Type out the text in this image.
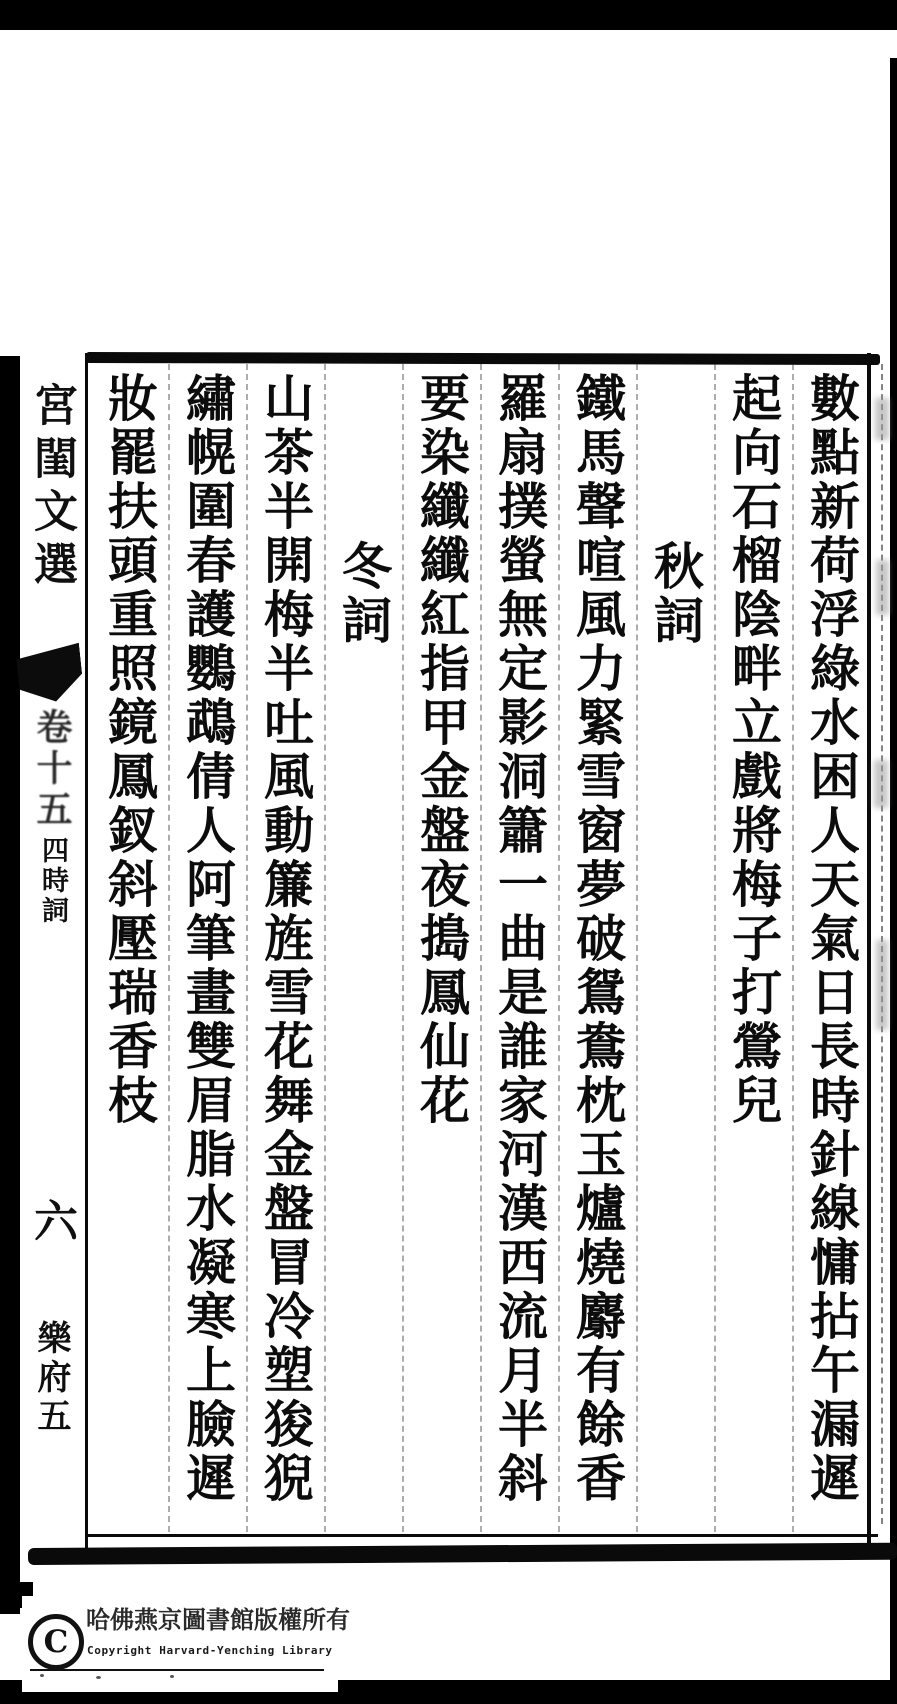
數點新荷浮綠水困人天氣日長時針線慵拈午漏遲
起向石榴陰畔立戲將梅子打鶯兒
秋詞
鐵馬聲喧風力緊雪窗夢破鴛鴦枕玉爐燒麝有餘香
羅扇撲螢無定影洞簫一曲是誰家河漢西流月半斜
要染纖纖紅指甲金盤夜搗鳳仙花
冬詞
山茶半開梅半吐風動簾旌雪花舞金盤冒冷塑狻猊
繡幌圍春護鸚鵡倩人阿筆畫雙眉脂水凝寒上臉遲
妝罷扶頭重照鏡鳳釵斜壓瑞香枝
宮閨文選
卷十五
四時詞
六
樂府五
C
哈佛燕京圖書館版權所有
Copyright Harvard-Yenching Library
